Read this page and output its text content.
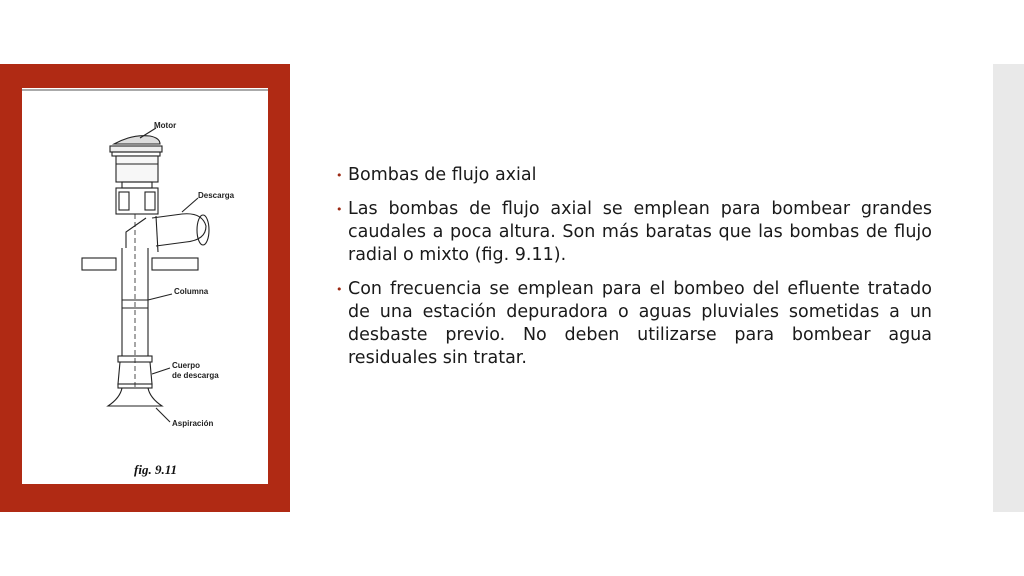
Motor
Descarga
Columna
Cuerpo
de descarga
Aspiración
fig. 9.11
• Bombas de flujo axial
• Las bombas de flujo axial se emplean para bombear grandes caudales a poca altura. Son más baratas que las bombas de flujo radial o mixto (fig. 9.11).
• Con frecuencia se emplean para el bombeo del efluente tratado de una estación depuradora o aguas pluviales sometidas a un desbaste previo. No deben utilizarse para bombear agua residuales sin tratar.
